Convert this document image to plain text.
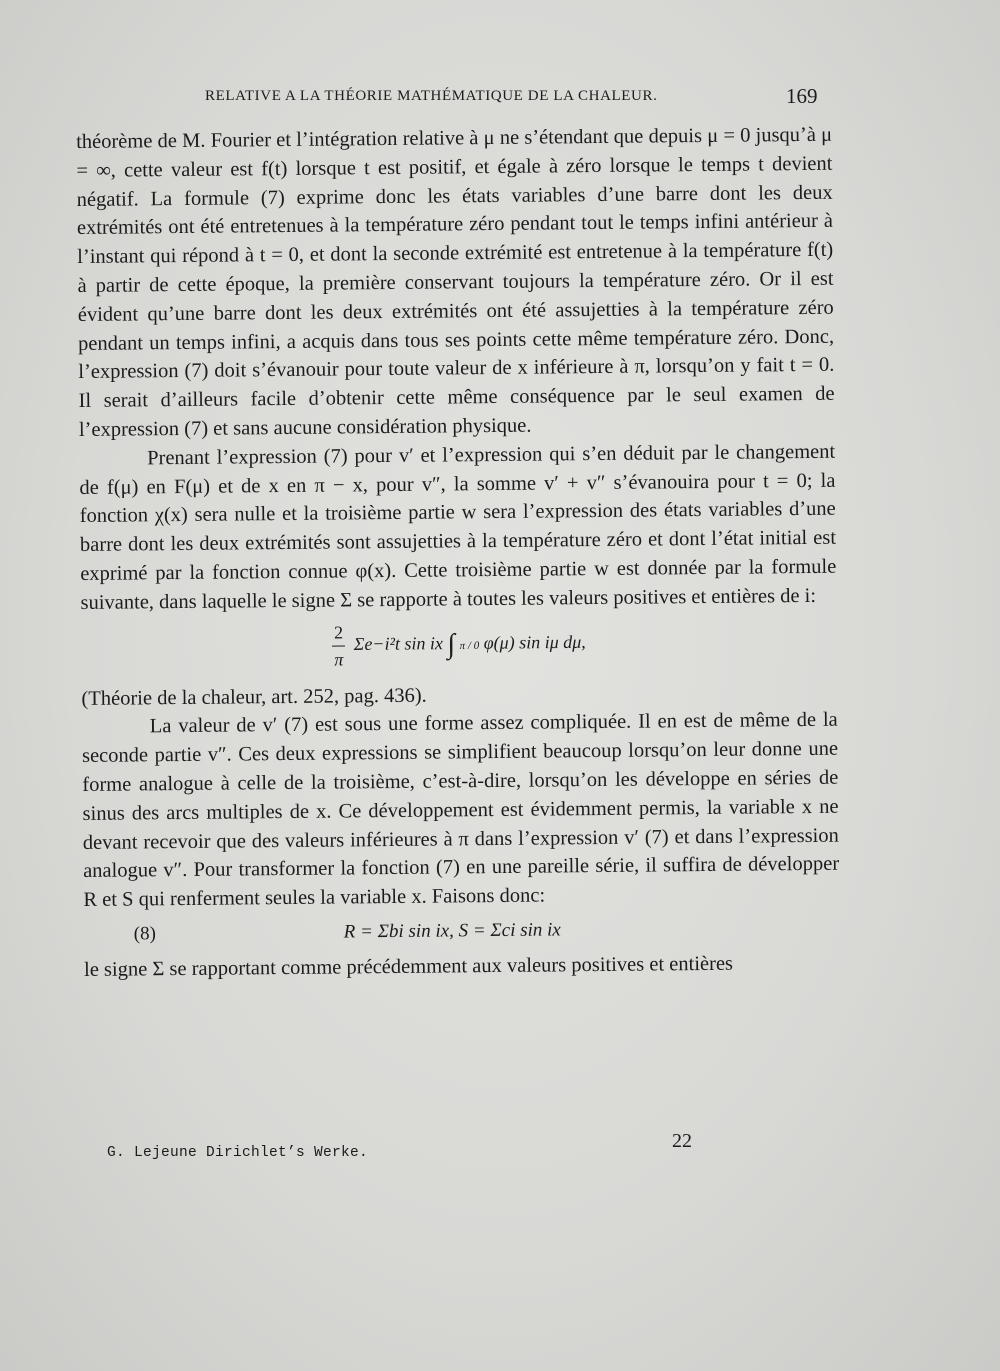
RELATIVE A LA THÉORIE MATHÉMATIQUE DE LA CHALEUR.	169

théorème de M. Fourier et l’intégration relative à μ ne s’étendant que depuis μ = 0 jusqu’à μ = ∞, cette valeur est f(t) lorsque t est positif, et égale à zéro lorsque le temps t devient négatif. La formule (7) exprime donc les états variables d’une barre dont les deux extrémités ont été entretenues à la température zéro pendant tout le temps infini antérieur à l’instant qui répond à t = 0, et dont la seconde extrémité est entretenue à la température f(t) à partir de cette époque, la première conservant toujours la température zéro. Or il est évident qu’une barre dont les deux extrémités ont été assujetties à la température zéro pendant un temps infini, a acquis dans tous ses points cette même température zéro. Donc, l’expression (7) doit s’évanouir pour toute valeur de x inférieure à π, lorsqu’on y fait t = 0. Il serait d’ailleurs facile d’obtenir cette même conséquence par le seul examen de l’expression (7) et sans aucune considération physique.

Prenant l’expression (7) pour v′ et l’expression qui s’en déduit par le changement de f(μ) en F(μ) et de x en π − x, pour v″, la somme v′ + v″ s’évanouira pour t = 0; la fonction χ(x) sera nulle et la troisième partie w sera l’expression des états variables d’une barre dont les deux extrémités sont assujetties à la température zéro et dont l’état initial est exprimé par la fonction connue φ(x). Cette troisième partie w est donnée par la formule suivante, dans laquelle le signe Σ se rapporte à toutes les valeurs positives et entières de i:

$\frac{2}{\pi} \Sigma e-i^2t$ sin ix ∫ π / 0 φ(μ) sin iμ dμ,

(Théorie de la chaleur, art. 252, pag. 436).

La valeur de v′ (7) est sous une forme assez compliquée. Il en est de même de la seconde partie v″. Ces deux expressions se simplifient beaucoup lorsqu’on leur donne une forme analogue à celle de la troisième, c’est-à-dire, lorsqu’on les développe en séries de sinus des arcs multiples de x. Ce développement est évidemment permis, la variable x ne devant recevoir que des valeurs inférieures à π dans l’expression v′ (7) et dans l’expression analogue v″. Pour transformer la fonction (7) en une pareille série, il suffira de développer R et S qui renferment seules la variable x. Faisons donc:

(8)	R = Σbi sin ix, S = Σci sin ix

le signe Σ se rapportant comme précédemment aux valeurs positives et entières

22
G. Lejeune Dirichlet’s Werke.
